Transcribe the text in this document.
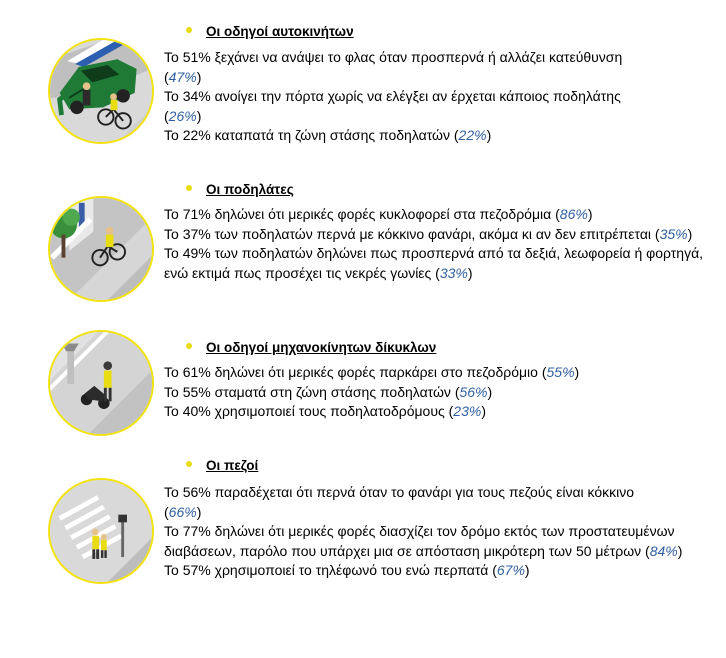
Οι οδηγοί αυτοκινήτων

Το 51% ξεχάνει να ανάψει το φλας όταν προσπερνά ή αλλάζει κατεύθυνση
(47%)

Το 34% ανοίγει την πόρτα χωρίς να ελέγξει αν έρχεται κάποιος ποδηλάτης
(26%)

Το 22% καταπατά τη ζώνη στάσης ποδηλατών (22%)

Οι ποδηλάτες

Το 71% δηλώνει ότι μερικές φορές κυκλοφορεί στα πεζοδρόμια (86%)

Το 37% των ποδηλατών περνά με κόκκινο φανάρι, ακόμα κι αν δεν επιτρέπεται (35%)

Το 49% των ποδηλατών δηλώνει πως προσπερνά από τα δεξιά, λεωφορεία ή φορτηγά, ενώ εκτιμά πως προσέχει τις νεκρές γωνίες (33%)

Οι οδηγοί μηχανοκίνητων δίκυκλων

Το 61% δηλώνει ότι μερικές φορές παρκάρει στο πεζοδρόμιο (55%)

Το 55% σταματά στη ζώνη στάσης ποδηλατών (56%)

Το 40% χρησιμοποιεί τους ποδηλατοδρόμους (23%)

Οι πεζοί

Το 56% παραδέχεται ότι περνά όταν το φανάρι για τους πεζούς είναι κόκκινο
(66%)

Το 77% δηλώνει ότι μερικές φορές διασχίζει τον δρόμο εκτός των προστατευμένων διαβάσεων, παρόλο που υπάρχει μια σε απόσταση μικρότερη των 50 μέτρων (84%)

Το 57% χρησιμοποιεί το τηλέφωνό του ενώ περπατά (67%)
